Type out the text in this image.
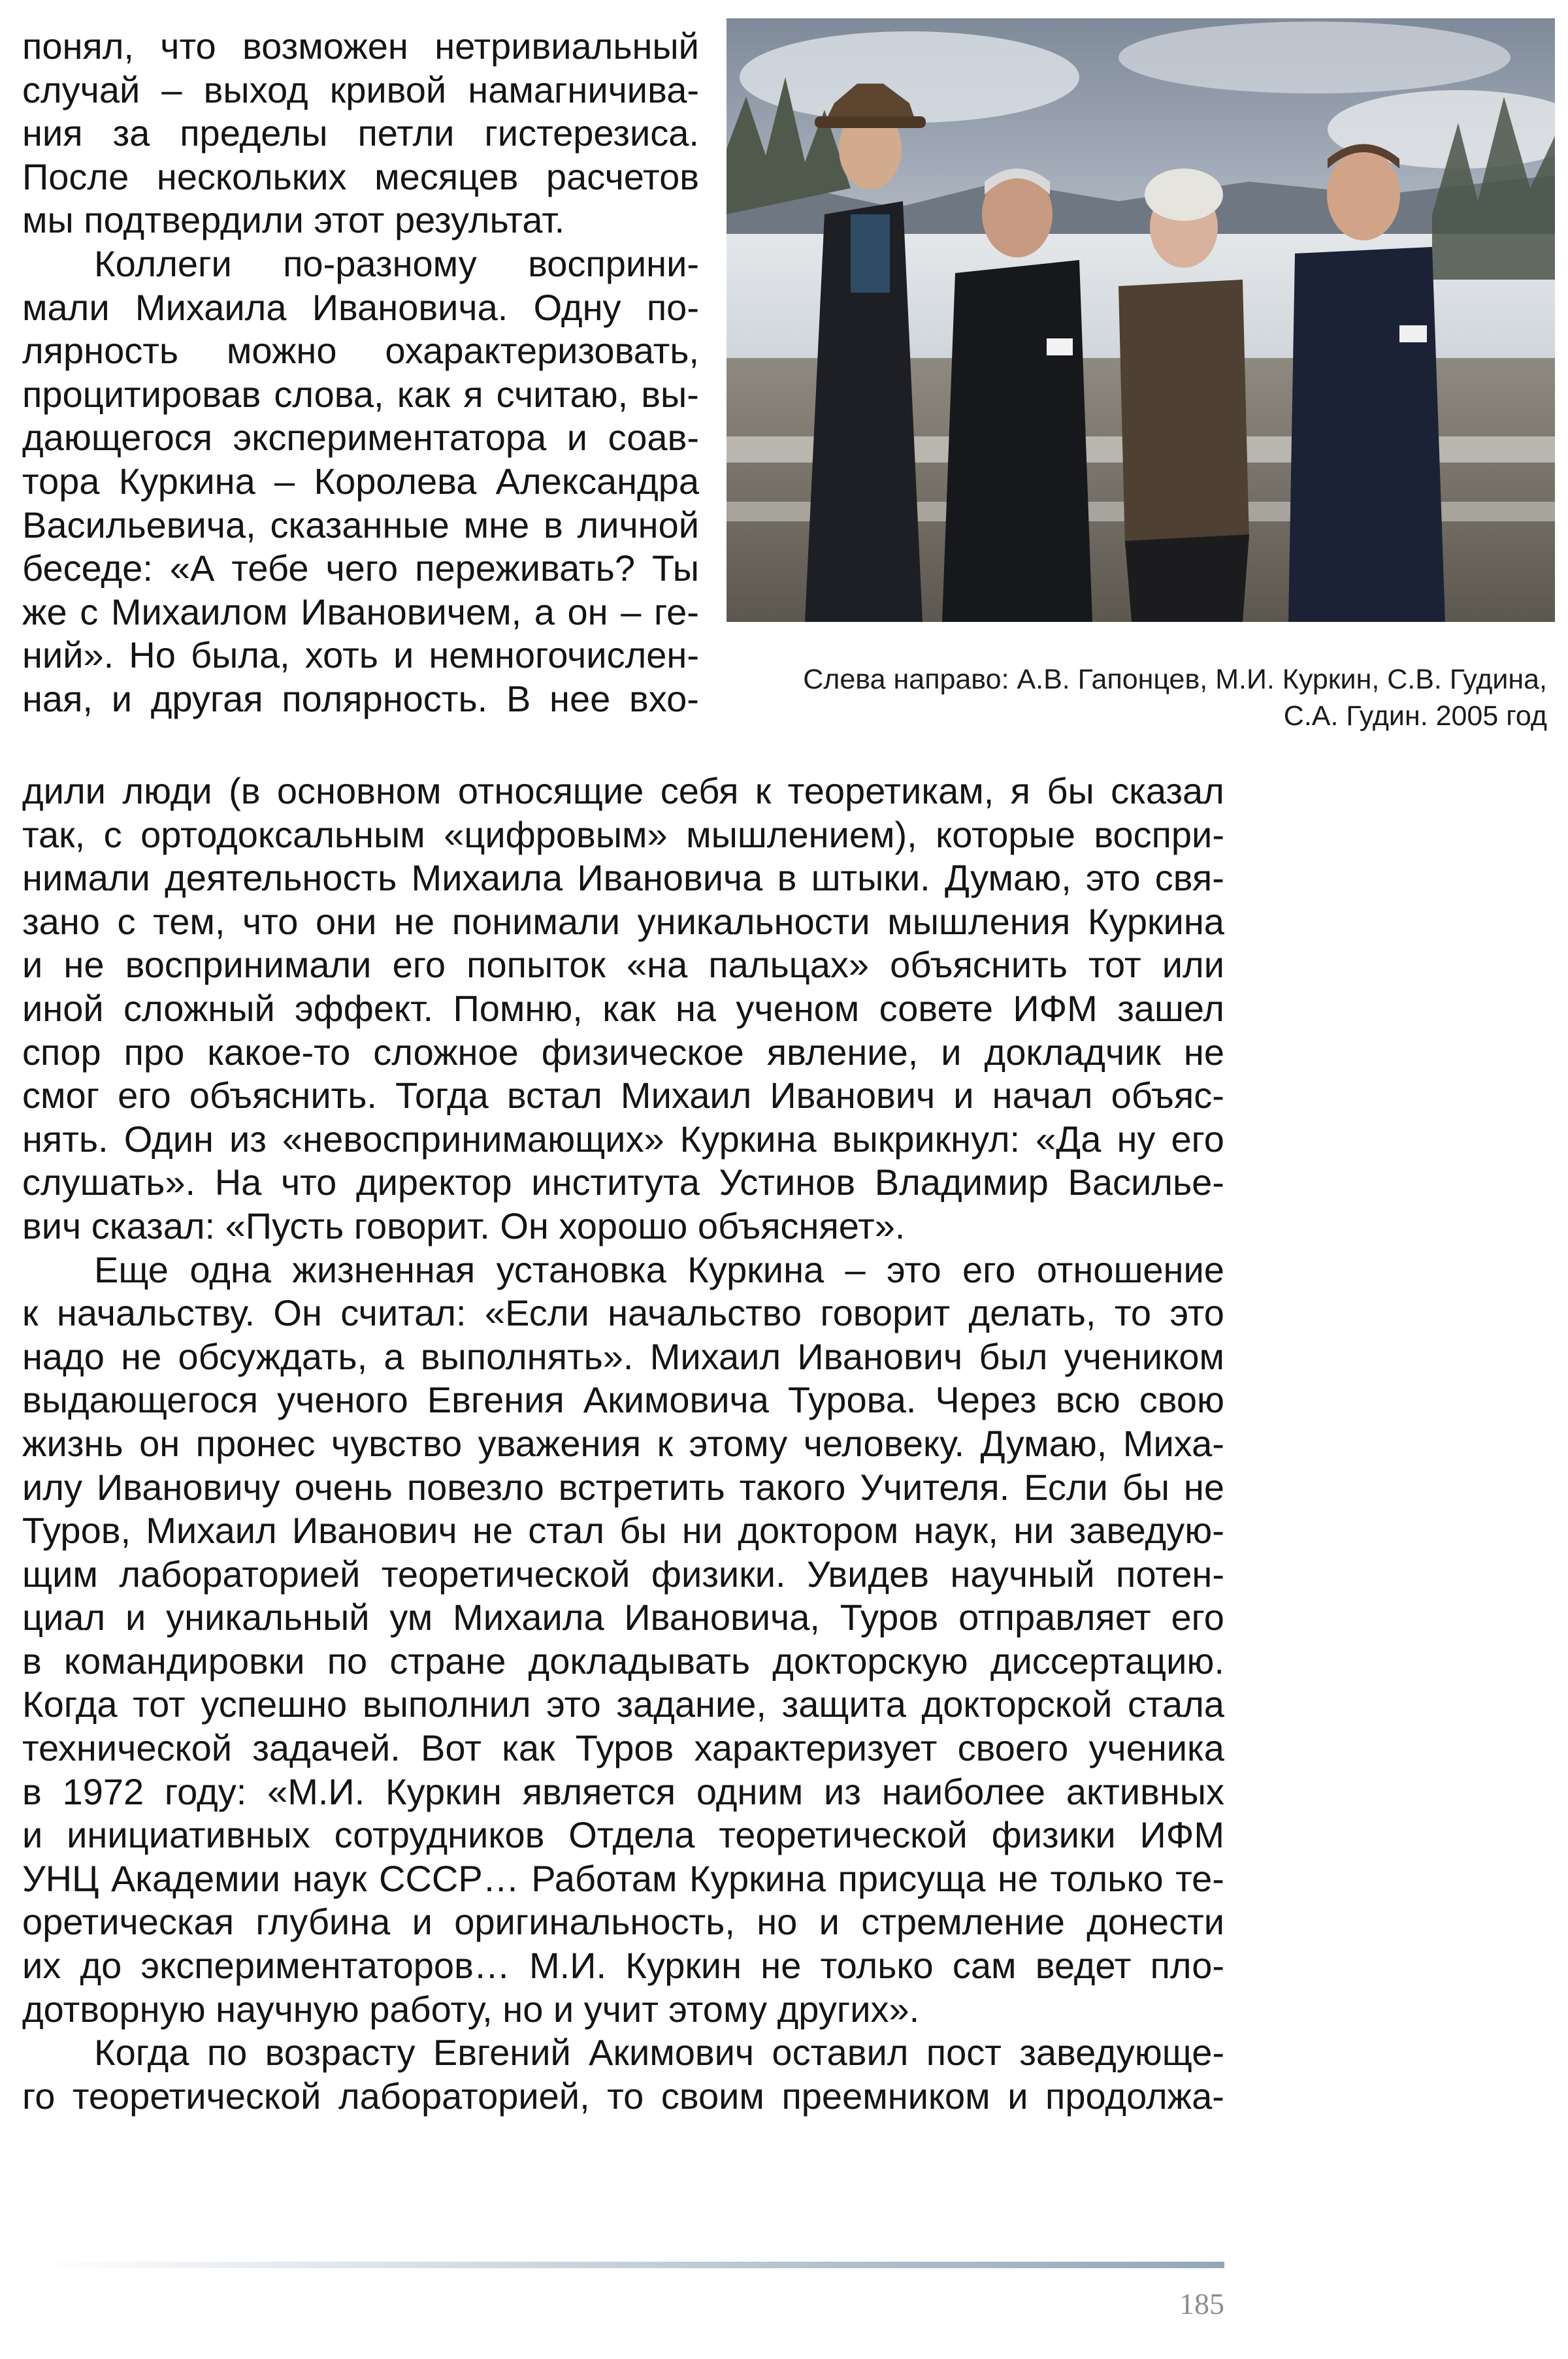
понял, что возможен нетривиальный
случай – выход кривой намагничива-
ния за пределы петли гистерезиса.
После нескольких месяцев расчетов
мы подтвердили этот результат.
Коллеги по-разному восприни-
мали Михаила Ивановича. Одну по-
лярность можно охарактеризовать,
процитировав слова, как я считаю, вы-
дающегося экспериментатора и соав-
тора Куркина – Королева Александра
Васильевича, сказанные мне в личной
беседе: «А тебе чего переживать? Ты
же с Михаилом Ивановичем, а он – ге-
ний». Но была, хоть и немногочислен-
ная, и другая полярность. В нее вхо-	Слева направо: А.В. Гапонцев, М.И. Куркин, С.В. Гудина,
С.А. Гудин. 2005 год
дили люди (в основном относящие себя к теоретикам, я бы сказал
так, с ортодоксальным «цифровым» мышлением), которые воспри-
нимали деятельность Михаила Ивановича в штыки. Думаю, это свя-
зано с тем, что они не понимали уникальности мышления Куркина
и не воспринимали его попыток «на пальцах» объяснить тот или
иной сложный эффект. Помню, как на ученом совете ИФМ зашел
спор про какое-то сложное физическое явление, и докладчик не
смог его объяснить. Тогда встал Михаил Иванович и начал объяс-
нять. Один из «невоспринимающих» Куркина выкрикнул: «Да ну его
слушать». На что директор института Устинов Владимир Василье-
вич сказал: «Пусть говорит. Он хорошо объясняет».
Еще одна жизненная установка Куркина – это его отношение
к начальству. Он считал: «Если начальство говорит делать, то это
надо не обсуждать, а выполнять». Михаил Иванович был учеником
выдающегося ученого Евгения Акимовича Турова. Через всю свою
жизнь он пронес чувство уважения к этому человеку. Думаю, Миха-
илу Ивановичу очень повезло встретить такого Учителя. Если бы не
Туров, Михаил Иванович не стал бы ни доктором наук, ни заведую-
щим лабораторией теоретической физики. Увидев научный потен-
циал и уникальный ум Михаила Ивановича, Туров отправляет его
в командировки по стране докладывать докторскую диссертацию.
Когда тот успешно выполнил это задание, защита докторской стала
технической задачей. Вот как Туров характеризует своего ученика
в 1972 году: «М.И. Куркин является одним из наиболее активных
и инициативных сотрудников Отдела теоретической физики ИФМ
УНЦ Академии наук СССР… Работам Куркина присуща не только те-
оретическая глубина и оригинальность, но и стремление донести
их до экспериментаторов… М.И. Куркин не только сам ведет пло-
дотворную научную работу, но и учит этому других».
Когда по возрасту Евгений Акимович оставил пост заведующе-
го теоретической лабораторией, то своим преемником и продолжа-
185
